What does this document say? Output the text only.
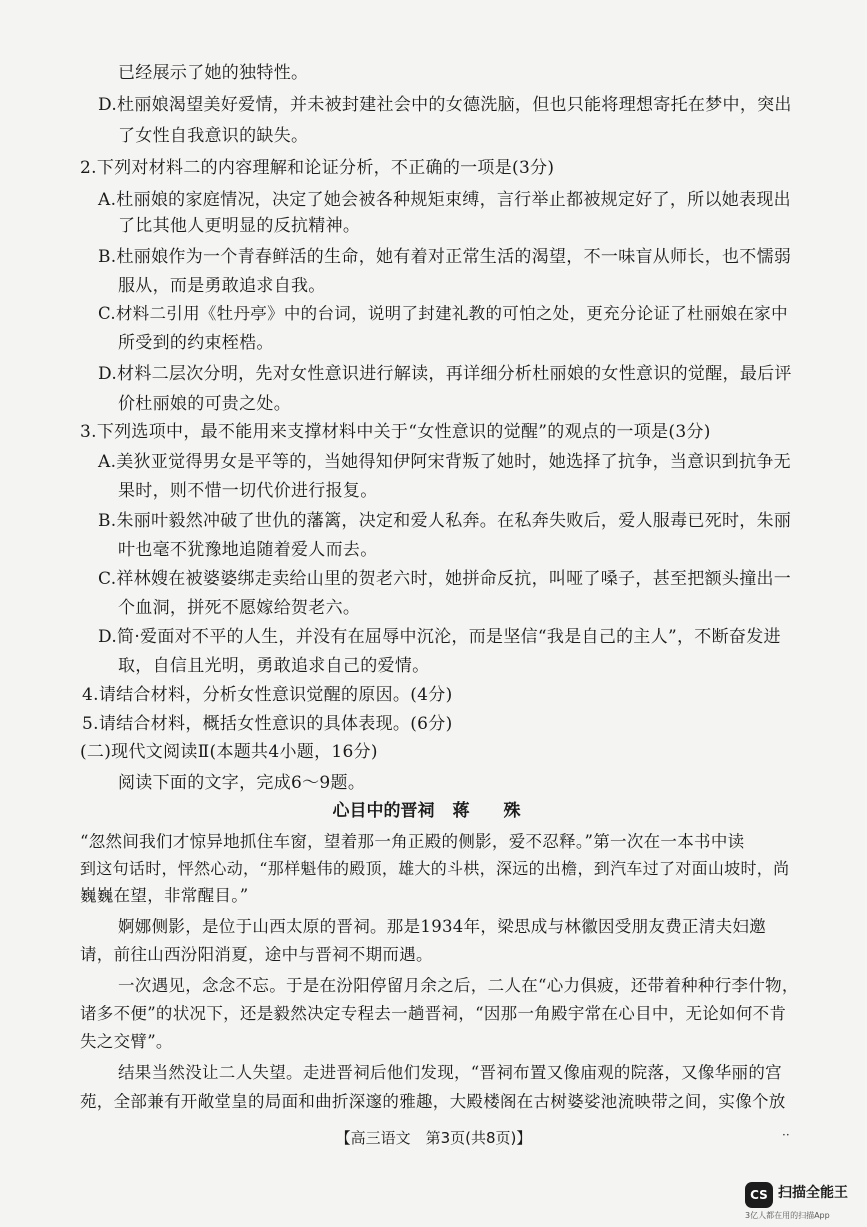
已经展示了她的独特性。
D.杜丽娘渴望美好爱情，并未被封建社会中的女德洗脑，但也只能将理想寄托在梦中，突出
了女性自我意识的缺失。
2.下列对材料二的内容理解和论证分析，不正确的一项是(3分)
A.杜丽娘的家庭情况，决定了她会被各种规矩束缚，言行举止都被规定好了，所以她表现出
了比其他人更明显的反抗精神。
B.杜丽娘作为一个青春鲜活的生命，她有着对正常生活的渴望，不一味盲从师长，也不懦弱
服从，而是勇敢追求自我。
C.材料二引用《牡丹亭》中的台词，说明了封建礼教的可怕之处，更充分论证了杜丽娘在家中
所受到的约束桎梏。
D.材料二层次分明，先对女性意识进行解读，再详细分析杜丽娘的女性意识的觉醒，最后评
价杜丽娘的可贵之处。
3.下列选项中，最不能用来支撑材料中关于“女性意识的觉醒”的观点的一项是(3分)
A.美狄亚觉得男女是平等的，当她得知伊阿宋背叛了她时，她选择了抗争，当意识到抗争无
果时，则不惜一切代价进行报复。
B.朱丽叶毅然冲破了世仇的藩篱，决定和爱人私奔。在私奔失败后，爱人服毒已死时，朱丽
叶也毫不犹豫地追随着爱人而去。
C.祥林嫂在被婆婆绑走卖给山里的贺老六时，她拼命反抗，叫哑了嗓子，甚至把额头撞出一
个血洞，拼死不愿嫁给贺老六。
D.简·爱面对不平的人生，并没有在屈辱中沉沦，而是坚信“我是自己的主人”，不断奋发进
取，自信且光明，勇敢追求自己的爱情。
4.请结合材料，分析女性意识觉醒的原因。(4分)
5.请结合材料，概括女性意识的具体表现。(6分)
(二)现代文阅读Ⅱ(本题共4小题，16分)
阅读下面的文字，完成6～9题。
“忽然间我们才惊异地抓住车窗，望着那一角正殿的侧影，爱不忍释。”第一次在一本书中读
到这句话时，怦然心动，“那样魁伟的殿顶，雄大的斗栱，深远的出檐，到汽车过了对面山坡时，尚
巍巍在望，非常醒目。”
婀娜侧影，是位于山西太原的晋祠。那是1934年，梁思成与林徽因受朋友费正清夫妇邀
请，前往山西汾阳消夏，途中与晋祠不期而遇。
一次遇见，念念不忘。于是在汾阳停留月余之后，二人在“心力俱疲，还带着种种行李什物，
诸多不便”的状况下，还是毅然决定专程去一趟晋祠，“因那一角殿宇常在心目中，无论如何不肯
失之交臂”。
结果当然没让二人失望。走进晋祠后他们发现，“晋祠布置又像庙观的院落，又像华丽的宫
苑，全部兼有开敞堂皇的局面和曲折深邃的雅趣，大殿楼阁在古树婆娑池流映带之间，实像个放
心目中的晋祠 蒋 殊
【高三语文　第3页(共8页)】	··
CS 扫描全能王
3亿人都在用的扫描App
